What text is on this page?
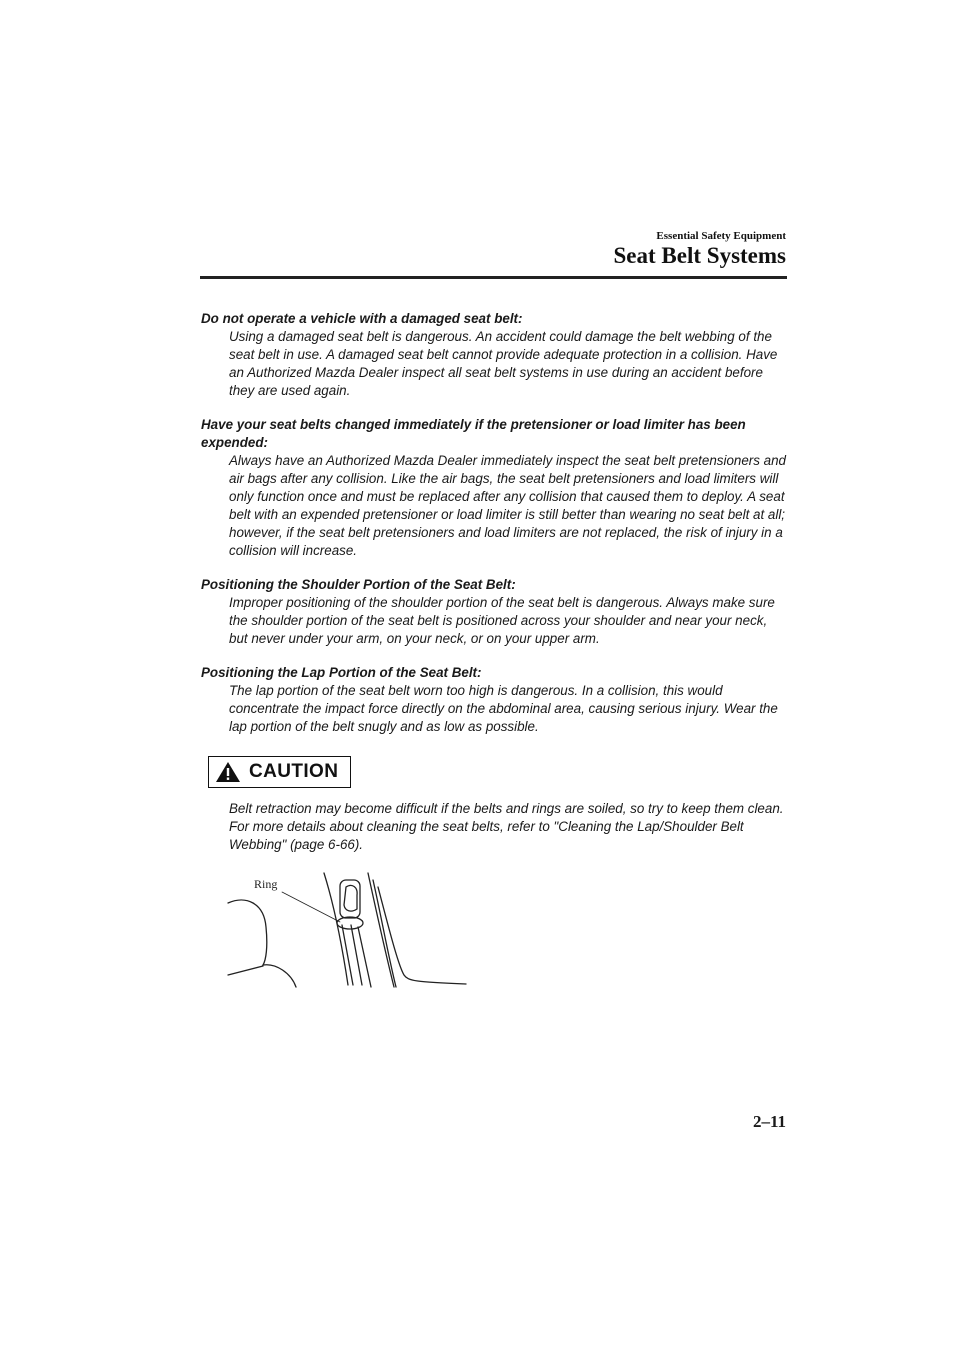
Essential Safety Equipment
Seat Belt Systems

Do not operate a vehicle with a damaged seat belt:

Using a damaged seat belt is dangerous. An accident could damage the belt webbing of the seat belt in use. A damaged seat belt cannot provide adequate protection in a collision. Have an Authorized Mazda Dealer inspect all seat belt systems in use during an accident before they are used again.

Have your seat belts changed immediately if the pretensioner or load limiter has been expended:

Always have an Authorized Mazda Dealer immediately inspect the seat belt pretensioners and air bags after any collision. Like the air bags, the seat belt pretensioners and load limiters will only function once and must be replaced after any collision that caused them to deploy. A seat belt with an expended pretensioner or load limiter is still better than wearing no seat belt at all; however, if the seat belt pretensioners and load limiters are not replaced, the risk of injury in a collision will increase.

Positioning the Shoulder Portion of the Seat Belt:

Improper positioning of the shoulder portion of the seat belt is dangerous. Always make sure the shoulder portion of the seat belt is positioned across your shoulder and near your neck, but never under your arm, on your neck, or on your upper arm.

Positioning the Lap Portion of the Seat Belt:

The lap portion of the seat belt worn too high is dangerous. In a collision, this would concentrate the impact force directly on the abdominal area, causing serious injury. Wear the lap portion of the belt snugly and as low as possible.

CAUTION

Belt retraction may become difficult if the belts and rings are soiled, so try to keep them clean. For more details about cleaning the seat belts, refer to "Cleaning the Lap/Shoulder Belt Webbing" (page 6-66).

Ring
2–11
